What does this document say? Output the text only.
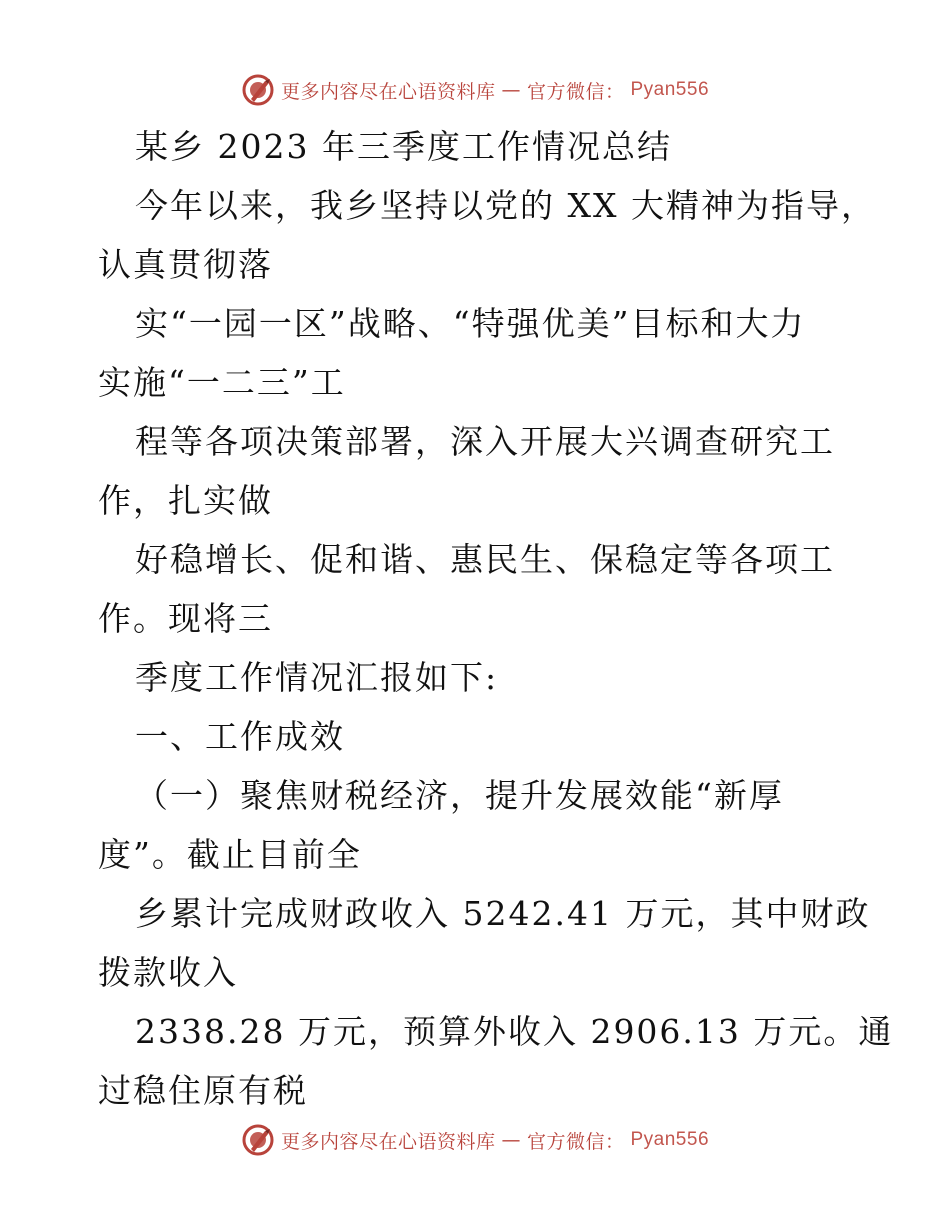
更多内容尽在心语资料库 — 官方微信： Pyan556
某乡 2023 年三季度工作情况总结
今年以来，我乡坚持以党的 XX 大精神为指导，
认真贯彻落
实“一园一区”战略、“特强优美”目标和大力
实施“一二三”工
程等各项决策部署，深入开展大兴调查研究工
作，扎实做
好稳增长、促和谐、惠民生、保稳定等各项工
作。现将三
季度工作情况汇报如下:
一、工作成效
（一）聚焦财税经济，提升发展效能“新厚
度”。截止目前全
乡累计完成财政收入 5242.41 万元，其中财政
拨款收入
2338.28 万元，预算外收入 2906.13 万元。通
过稳住原有税
更多内容尽在心语资料库 — 官方微信： Pyan556
